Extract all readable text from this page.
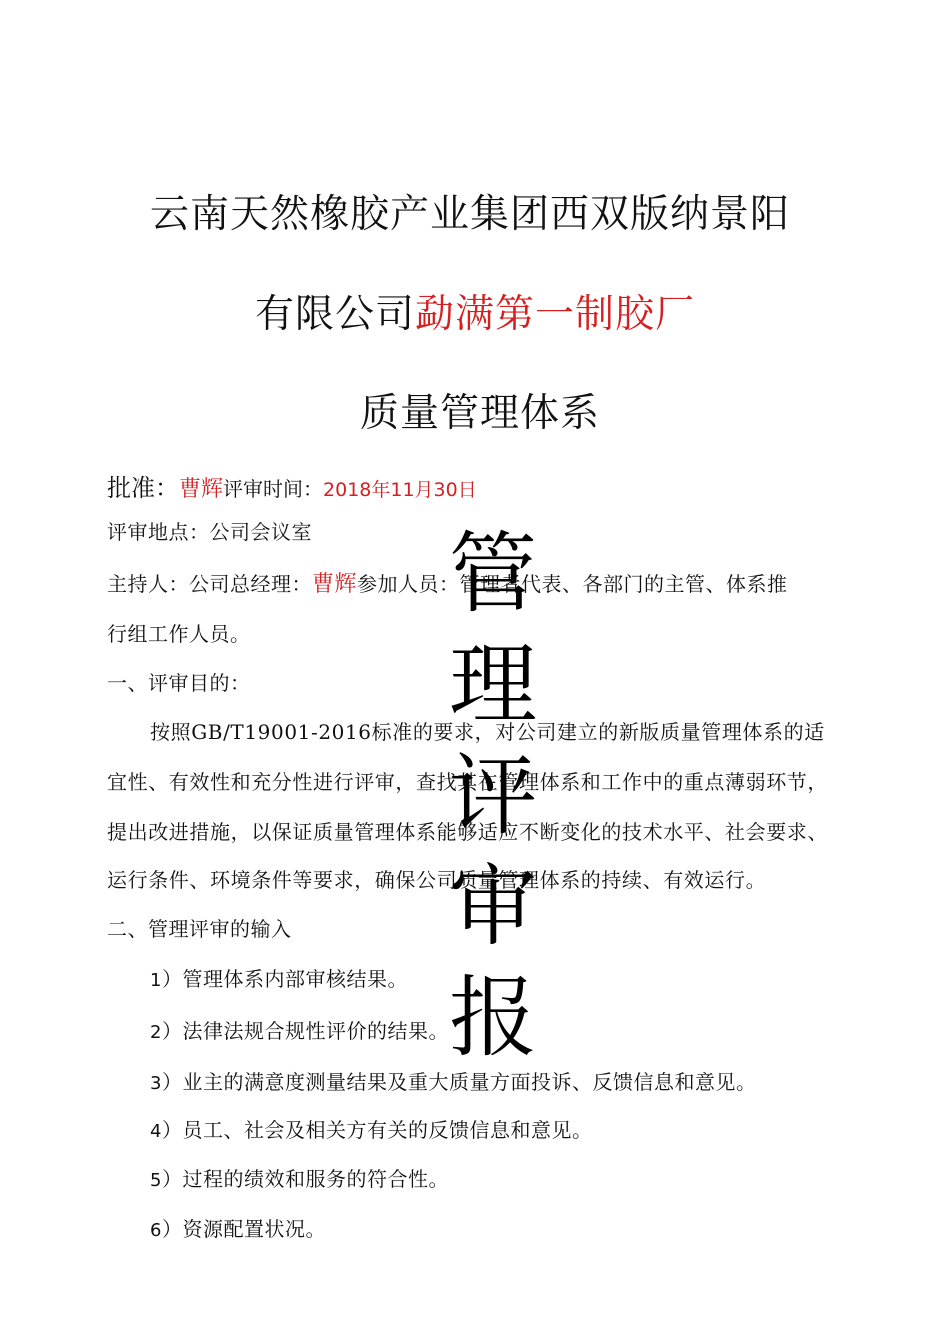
云南天然橡胶产业集团西双版纳景阳
有限公司勐满第一制胶厂
质量管理体系
批准：曹辉评审时间：2018年11月30日
评审地点：公司会议室
主持人：公司总经理：曹辉参加人员：管理者代表、各部门的主管、体系推
行组工作人员。
一、评审目的：
按照GB/T19001-2016标准的要求，对公司建立的新版质量管理体系的适
宜性、有效性和充分性进行评审，查找其在管理体系和工作中的重点薄弱环节，
提出改进措施，以保证质量管理体系能够适应不断变化的技术水平、社会要求、
运行条件、环境条件等要求，确保公司质量管理体系的持续、有效运行。
二、管理评审的输入
1）管理体系内部审核结果。
2）法律法规合规性评价的结果。
3）业主的满意度测量结果及重大质量方面投诉、反馈信息和意见。
4）员工、社会及相关方有关的反馈信息和意见。
5）过程的绩效和服务的符合性。
6）资源配置状况。
管
理
评
审
报
